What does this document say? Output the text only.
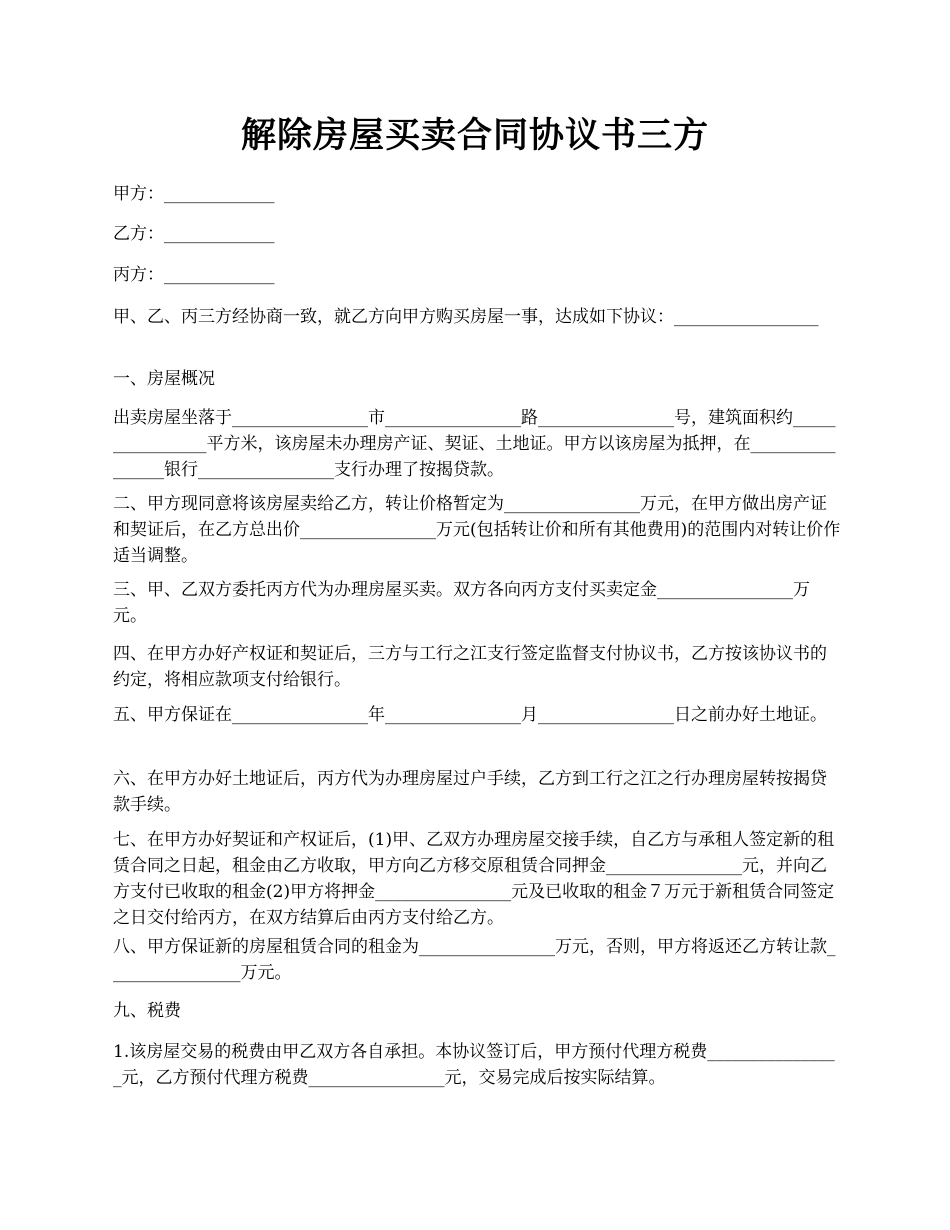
解除房屋买卖合同协议书三方

甲方：_____________

乙方：_____________

丙方：_____________

甲、乙、丙三方经协商一致，就乙方向甲方购买房屋一事，达成如下协议：_________________

一、房屋概况

出卖房屋坐落于________________市________________路________________号，建筑面积约________________平方米，该房屋未办理房产证、契证、土地证。甲方以该房屋为抵押，在________________银行________________支行办理了按揭贷款。

二、甲方现同意将该房屋卖给乙方，转让价格暂定为________________万元，在甲方做出房产证和契证后，在乙方总出价________________万元(包括转让价和所有其他费用)的范围内对转让价作适当调整。

三、甲、乙双方委托丙方代为办理房屋买卖。双方各向丙方支付买卖定金________________万元。

四、在甲方办好产权证和契证后，三方与工行之江支行签定监督支付协议书，乙方按该协议书的约定，将相应款项支付给银行。

五、甲方保证在________________年________________月________________日之前办好土地证。

六、在甲方办好土地证后，丙方代为办理房屋过户手续，乙方到工行之江之行办理房屋转按揭贷款手续。

七、在甲方办好契证和产权证后，(1)甲、乙双方办理房屋交接手续，自乙方与承租人签定新的租赁合同之日起，租金由乙方收取，甲方向乙方移交原租赁合同押金________________元，并向乙方支付已收取的租金(2)甲方将押金________________元及已收取的租金７万元于新租赁合同签定之日交付给丙方，在双方结算后由丙方支付给乙方。

八、甲方保证新的房屋租赁合同的租金为________________万元，否则，甲方将返还乙方转让款________________万元。

九、税费

1.该房屋交易的税费由甲乙双方各自承担。本协议签订后，甲方预付代理方税费________________元，乙方预付代理方税费________________元，交易完成后按实际结算。
